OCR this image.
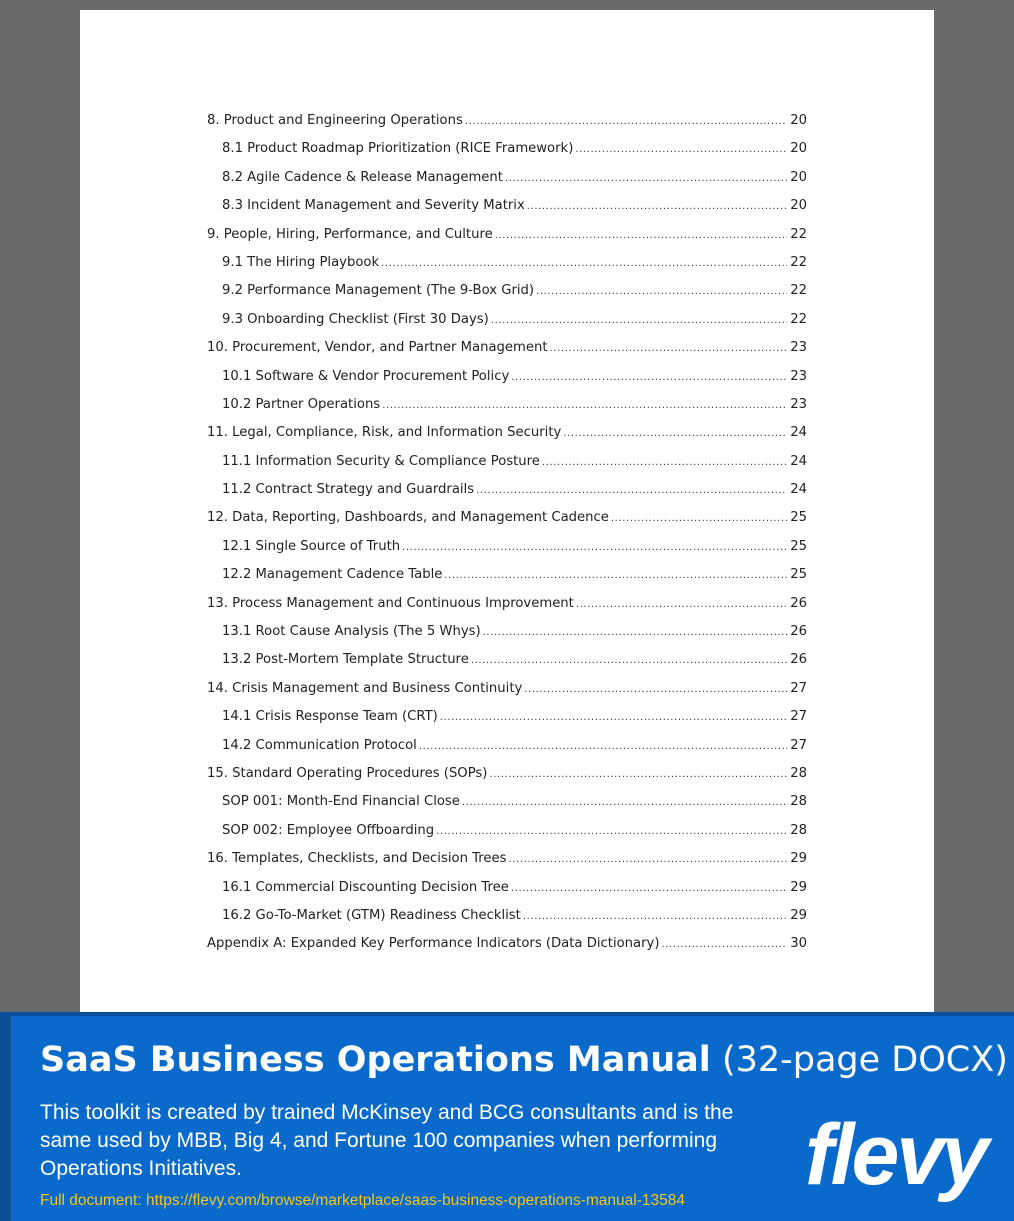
8. Product and Engineering Operations .....	20
8.1 Product Roadmap Prioritization (RICE Framework) .....	20
8.2 Agile Cadence & Release Management .....	20
8.3 Incident Management and Severity Matrix .....	20
9. People, Hiring, Performance, and Culture .....	22
9.1 The Hiring Playbook .....	22
9.2 Performance Management (The 9-Box Grid) .....	22
9.3 Onboarding Checklist (First 30 Days) .....	22
10. Procurement, Vendor, and Partner Management .....	23
10.1 Software & Vendor Procurement Policy .....	23
10.2 Partner Operations .....	23
11. Legal, Compliance, Risk, and Information Security .....	24
11.1 Information Security & Compliance Posture .....	24
11.2 Contract Strategy and Guardrails .....	24
12. Data, Reporting, Dashboards, and Management Cadence .....	25
12.1 Single Source of Truth .....	25
12.2 Management Cadence Table .....	25
13. Process Management and Continuous Improvement .....	26
13.1 Root Cause Analysis (The 5 Whys) .....	26
13.2 Post-Mortem Template Structure .....	26
14. Crisis Management and Business Continuity .....	27
14.1 Crisis Response Team (CRT) .....	27
14.2 Communication Protocol .....	27
15. Standard Operating Procedures (SOPs) .....	28
SOP 001: Month-End Financial Close .....	28
SOP 002: Employee Offboarding .....	28
16. Templates, Checklists, and Decision Trees .....	29
16.1 Commercial Discounting Decision Tree .....	29
16.2 Go-To-Market (GTM) Readiness Checklist .....	29
Appendix A: Expanded Key Performance Indicators (Data Dictionary) .....	30
SaaS Business Operations Manual (32-page DOCX)
This toolkit is created by trained McKinsey and BCG consultants and is the same used by MBB, Big 4, and Fortune 100 companies when performing Operations Initiatives.
Full document: https://flevy.com/browse/marketplace/saas-business-operations-manual-13584 flevy
